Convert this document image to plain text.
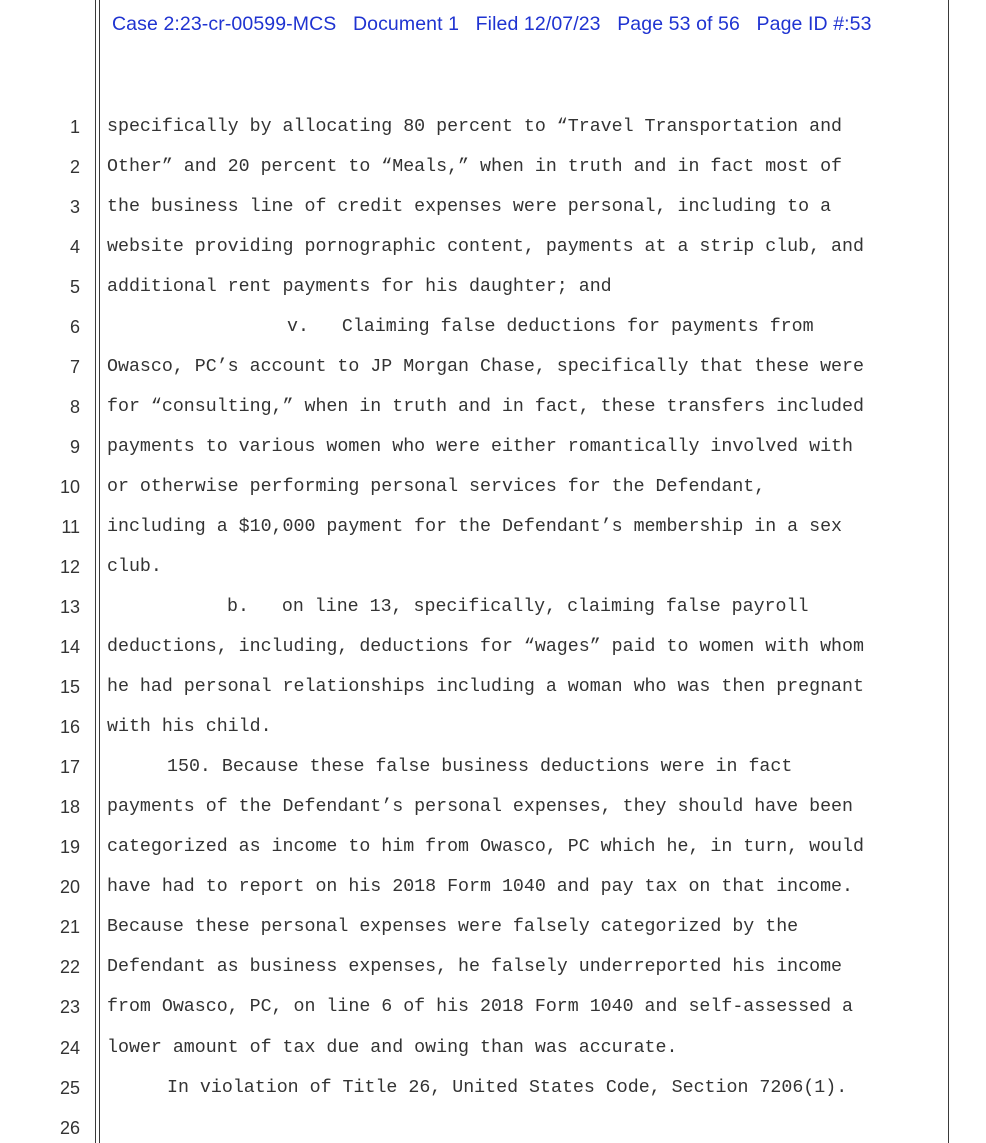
Case 2:23-cr-00599-MCS Document 1 Filed 12/07/23 Page 53 of 56 Page ID #:53
1
2
3
4
5
6
7
8
9
10
11
12
13
14
15
16
17
18
19
20
21
22
23
24
25
26
specifically by allocating 80 percent to “Travel Transportation and
Other” and 20 percent to “Meals,” when in truth and in fact most of
the business line of credit expenses were personal, including to a
website providing pornographic content, payments at a strip club, and
additional rent payments for his daughter; and
v.   Claiming false deductions for payments from
Owasco, PC’s account to JP Morgan Chase, specifically that these were
for “consulting,” when in truth and in fact, these transfers included
payments to various women who were either romantically involved with
or otherwise performing personal services for the Defendant,
including a $10,000 payment for the Defendant’s membership in a sex
club.
b.   on line 13, specifically, claiming false payroll
deductions, including, deductions for “wages” paid to women with whom
he had personal relationships including a woman who was then pregnant
with his child.
150. Because these false business deductions were in fact
payments of the Defendant’s personal expenses, they should have been
categorized as income to him from Owasco, PC which he, in turn, would
have had to report on his 2018 Form 1040 and pay tax on that income.
Because these personal expenses were falsely categorized by the
Defendant as business expenses, he falsely underreported his income
from Owasco, PC, on line 6 of his 2018 Form 1040 and self-assessed a
lower amount of tax due and owing than was accurate.
In violation of Title 26, United States Code, Section 7206(1).
